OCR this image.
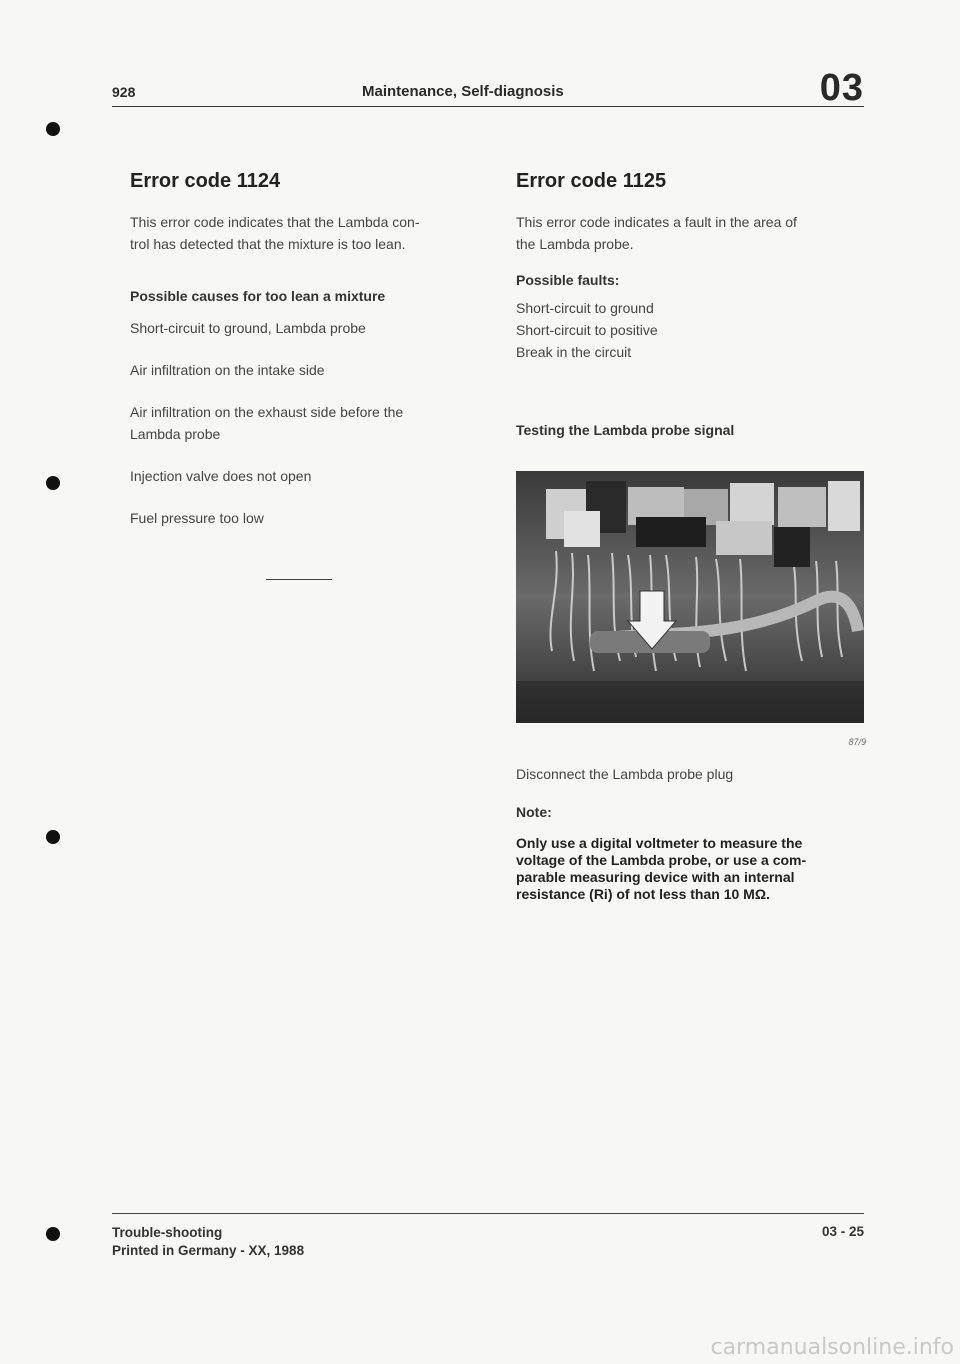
928	Maintenance, Self-diagnosis	03
Error code 1124

This error code indicates that the Lambda con-

trol has detected that the mixture is too lean.

Possible causes for too lean a mixture

Short-circuit to ground, Lambda probe

Air infiltration on the intake side

Air infiltration on the exhaust side before the

Lambda probe

Injection valve does not open

Fuel pressure too low

Error code 1125

This error code indicates a fault in the area of

the Lambda probe.

Possible faults:

Short-circuit to ground

Short-circuit to positive

Break in the circuit

Testing the Lambda probe signal

87/9

Disconnect the Lambda probe plug

Note:

Only use a digital voltmeter to measure the
voltage of the Lambda probe, or use a com-
parable measuring device with an internal
resistance (Ri) of not less than 10 MΩ.
Trouble-shooting
Printed in Germany - XX, 1988
03 - 25
carmanualsonline.info
